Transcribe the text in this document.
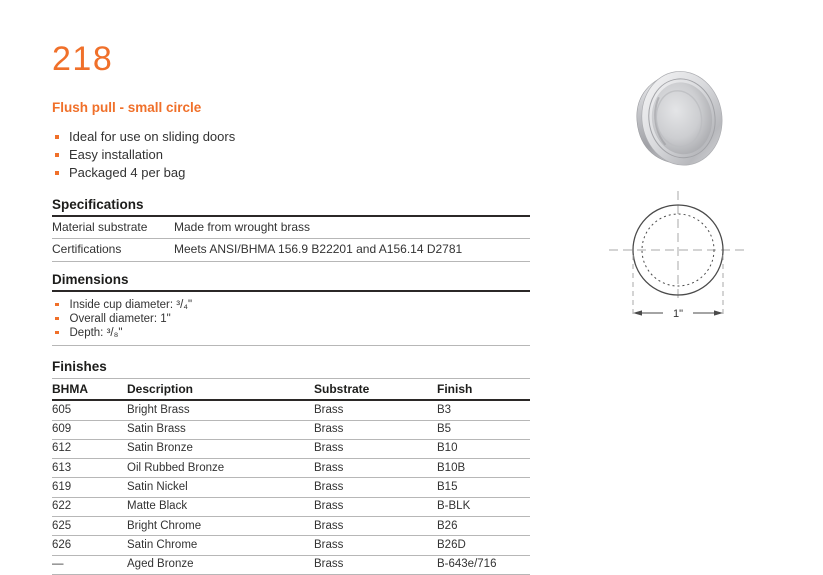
218
Flush pull - small circle
Ideal for use on sliding doors
Easy installation
Packaged 4 per bag
Specifications
Material substrate	Made from wrought brass
Certifications	Meets ANSI/BHMA 156.9 B22201 and A156.14 D2781
Dimensions
Inside cup diameter: ³/₄"
Overall diameter: 1"
Depth: ³/₈"
Finishes
BHMA	Description	Substrate	Finish
605	Bright Brass	Brass	B3
609	Satin Brass	Brass	B5
612	Satin Bronze	Brass	B10
613	Oil Rubbed Bronze	Brass	B10B
619	Satin Nickel	Brass	B15
622	Matte Black	Brass	B-BLK
625	Bright Chrome	Brass	B26
626	Satin Chrome	Brass	B26D
—	Aged Bronze	Brass	B-643e/716
1"
